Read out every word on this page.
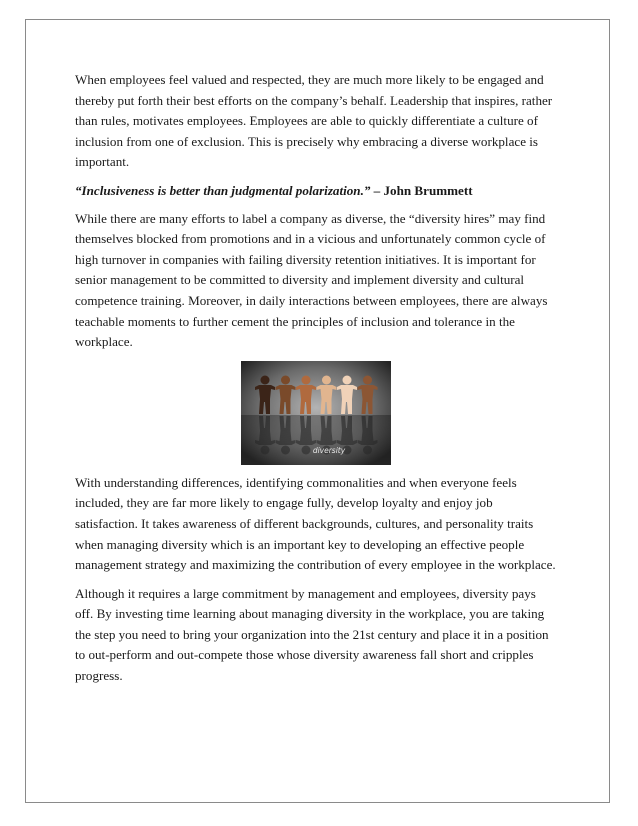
When employees feel valued and respected, they are much more likely to be engaged and thereby put forth their best efforts on the company’s behalf. Leadership that inspires, rather than rules, motivates employees. Employees are able to quickly differentiate a culture of inclusion from one of exclusion. This is precisely why embracing a diverse workplace is important.

“Inclusiveness is better than judgmental polarization.” – John Brummett

While there are many efforts to label a company as diverse, the “diversity hires” may find themselves blocked from promotions and in a vicious and unfortunately common cycle of high turnover in companies with failing diversity retention initiatives. It is important for senior management to be committed to diversity and implement diversity and cultural competence training. Moreover, in daily interactions between employees, there are always teachable moments to further cement the principles of inclusion and tolerance in the workplace.

diversity

With understanding differences, identifying commonalities and when everyone feels included, they are far more likely to engage fully, develop loyalty and enjoy job satisfaction. It takes awareness of different backgrounds, cultures, and personality traits when managing diversity which is an important key to developing an effective people management strategy and maximizing the contribution of every employee in the workplace.

Although it requires a large commitment by management and employees, diversity pays off. By investing time learning about managing diversity in the workplace, you are taking the step you need to bring your organization into the 21st century and place it in a position to out-perform and out-compete those whose diversity awareness fall short and cripples progress.
